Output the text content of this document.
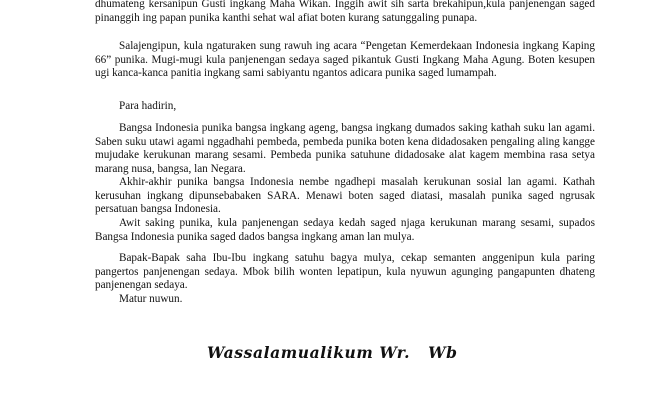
dhumateng kersanipun Gusti ingkang Maha Wikan. Inggih awit sih sarta brekahipun,kula panjenengan saged pinanggih ing papan punika kanthi sehat wal afiat boten kurang satunggaling punapa.

Salajengipun, kula ngaturaken sung rawuh ing acara “Pengetan Kemerdekaan Indonesia ingkang Kaping 66” punika. Mugi-mugi kula panjenengan sedaya saged pikantuk Gusti Ingkang Maha Agung. Boten kesupen ugi kanca-kanca panitia ingkang sami sabiyantu ngantos adicara punika saged lumampah.

Para hadirin,

Bangsa Indonesia punika bangsa ingkang ageng, bangsa ingkang dumados saking kathah suku lan agami. Saben suku utawi agami nggadhahi pembeda, pembeda punika boten kena didadosaken pengaling aling kangge mujudake kerukunan marang sesami. Pembeda punika satuhune didadosake alat kagem membina rasa setya marang nusa, bangsa, lan Negara.

Akhir-akhir punika bangsa Indonesia nembe ngadhepi masalah kerukunan sosial lan agami. Kathah kerusuhan ingkang dipunsebabaken SARA. Menawi boten saged diatasi, masalah punika saged ngrusak persatuan bangsa Indonesia.

Awit saking punika, kula panjenengan sedaya kedah saged njaga kerukunan marang sesami, supados Bangsa Indonesia punika saged dados bangsa ingkang aman lan mulya.

Bapak-Bapak saha Ibu-Ibu ingkang satuhu bagya mulya, cekap semanten anggenipun kula paring pangertos panjenengan sedaya. Mbok bilih wonten lepatipun, kula nyuwun agunging pangapunten dhateng panjenengan sedaya.

Matur nuwun.

Wassalamualikum Wr.   Wb
